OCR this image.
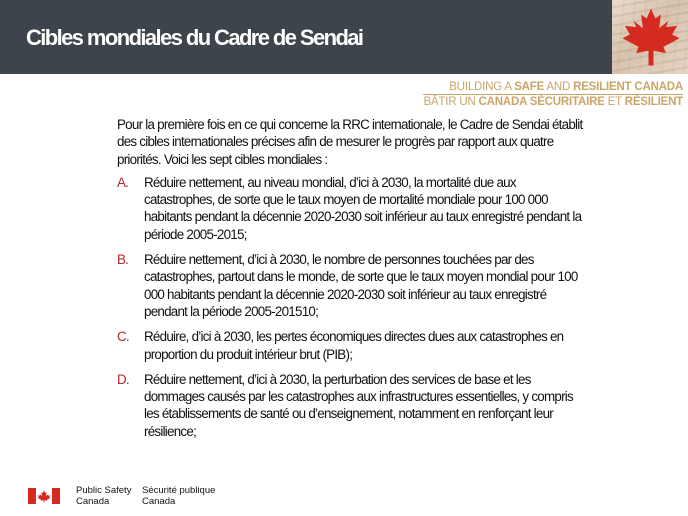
Cibles mondiales du Cadre de Sendai
BUILDING A SAFE AND RESILIENT CANADA
BÂTIR UN CANADA SÉCURITAIRE ET RÉSILIENT

Pour la première fois en ce qui concerne la RRC internationale, le Cadre de Sendai établit des cibles internationales précises afin de mesurer le progrès par rapport aux quatre priorités. Voici les sept cibles mondiales :

A. Réduire nettement, au niveau mondial, d’ici à 2030, la mortalité due aux catastrophes, de sorte que le taux moyen de mortalité mondiale pour 100 000 habitants pendant la décennie 2020-2030 soit inférieur au taux enregistré pendant la période 2005-2015;
B. Réduire nettement, d’ici à 2030, le nombre de personnes touchées par des catastrophes, partout dans le monde, de sorte que le taux moyen mondial pour 100 000 habitants pendant la décennie 2020-2030 soit inférieur au taux enregistré pendant la période 2005-201510;
C. Réduire, d’ici à 2030, les pertes économiques directes dues aux catastrophes en proportion du produit intérieur brut (PIB);
D. Réduire nettement, d’ici à 2030, la perturbation des services de base et les dommages causés par les catastrophes aux infrastructures essentielles, y compris les établissements de santé ou d’enseignement, notamment en renforçant leur résilience;
Public Safety
Canada
Sécurité publique
Canada
